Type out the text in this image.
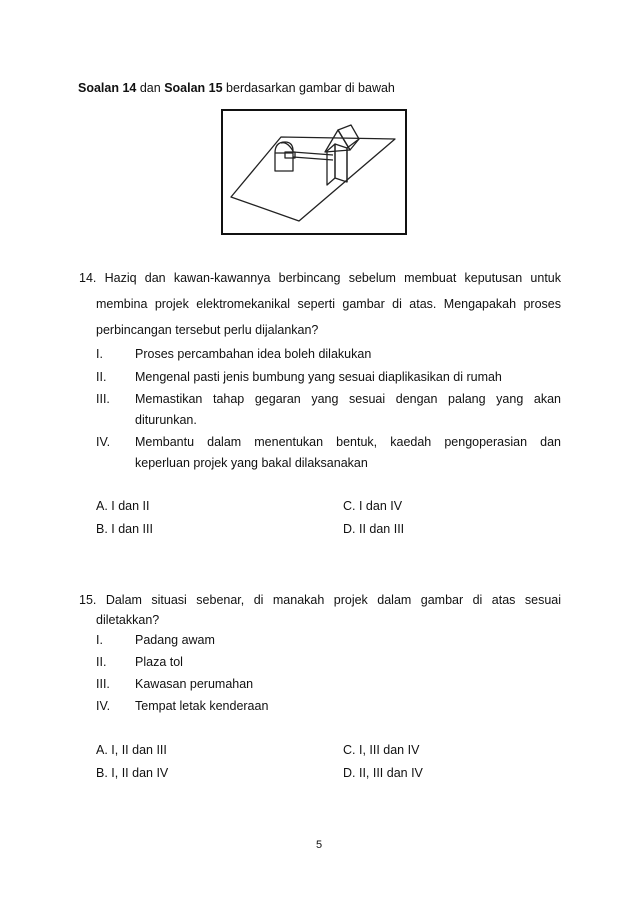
Soalan 14 dan Soalan 15 berdasarkan gambar di bawah
14. Haziq dan kawan-kawannya berbincang sebelum membuat keputusan untuk
membina projek elektromekanikal seperti gambar di atas. Mengapakah proses
perbincangan tersebut perlu dijalankan?
I.	Proses percambahan idea boleh dilakukan
II. Mengenal pasti jenis bumbung yang sesuai diaplikasikan di rumah
III. Memastikan tahap gegaran yang sesuai dengan palang yang akan
diturunkan.
IV. Membantu dalam menentukan bentuk, kaedah pengoperasian dan
keperluan projek yang bakal dilaksanakan
A. I dan II	C. I dan IV
B. I dan III	D. II dan III
15. Dalam situasi sebenar, di manakah projek dalam gambar di atas sesuai
diletakkan?
I.	Padang awam
II. Plaza tol
III. Kawasan perumahan
IV. Tempat letak kenderaan
A. I, II dan III	C. I, III dan IV
B. I, II dan IV	D. II, III dan IV
5
